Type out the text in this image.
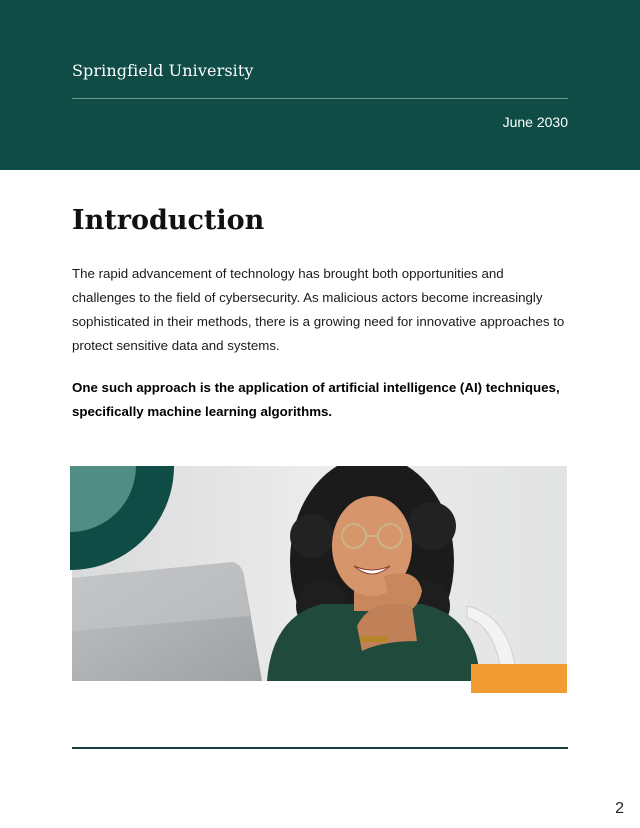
Springfield University
June 2030
Introduction

The rapid advancement of technology has brought both opportunities and challenges to the field of cybersecurity. As malicious actors become increasingly sophisticated in their methods, there is a growing need for innovative approaches to protect sensitive data and systems.

One such approach is the application of artificial intelligence (AI) techniques, specifically machine learning algorithms.

2
